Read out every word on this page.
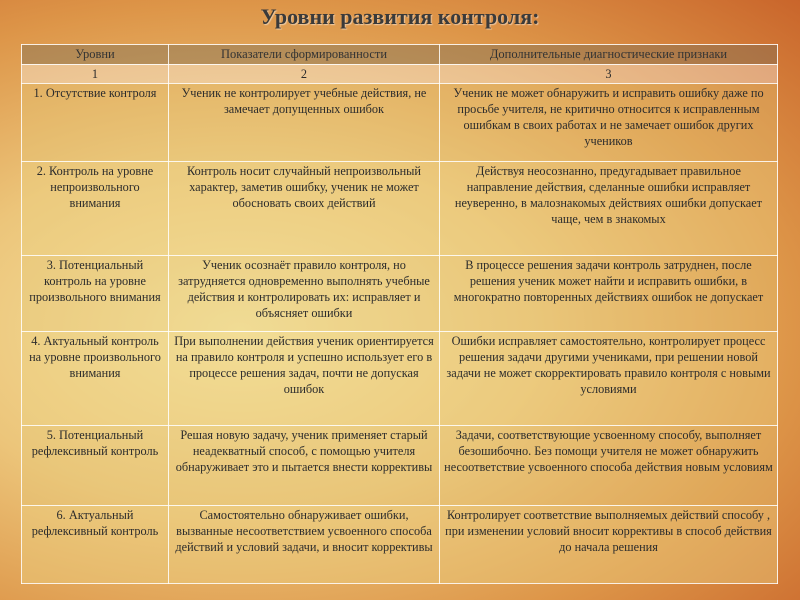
Уровни развития контроля:
Уровни	Показатели сформированности	Дополнительные диагностические признаки
1	2	3
1. Отсутствие контроля	Ученик не контролирует учебные действия, не замечает допущенных ошибок	Ученик не может обнаружить и исправить ошибку даже по просьбе учителя, не критично относится к исправленным ошибкам в своих работах и не замечает ошибок других учеников
2. Контроль на уровне непроизвольного внимания	Контроль носит случайный непроизвольный характер, заметив ошибку, ученик не может обосновать своих действий	Действуя неосознанно, предугадывает правильное направление действия, сделанные ошибки исправляет неуверенно, в малознакомых действиях ошибки допускает чаще, чем в знакомых
3. Потенциальный контроль на уровне произвольного внимания	Ученик осознаёт правило контроля, но затрудняется одновременно выполнять учебные действия и контролировать их: исправляет и объясняет ошибки	В процессе решения задачи контроль затруднен, после решения ученик может найти и исправить ошибки, в многократно повторенных действиях ошибок не допускает
4. Актуальный контроль на уровне произвольного внимания	При выполнении действия ученик ориентируется на правило контроля и успешно использует его в процессе решения задач, почти не допуская ошибок	Ошибки исправляет самостоятельно, контролирует процесс решения задачи другими учениками, при решении новой задачи не может скорректировать правило контроля с новыми условиями
5. Потенциальный рефлексивный контроль	Решая новую задачу, ученик применяет старый неадекватный способ, с помощью учителя обнаруживает это и пытается внести коррективы	Задачи, соответствующие усвоенному способу, выполняет безошибочно. Без помощи учителя не может обнаружить несоответствие усвоенного способа действия новым условиям
6. Актуальный рефлексивный контроль	Самостоятельно обнаруживает ошибки, вызванные несоответствием усвоенного способа действий и условий задачи, и вносит коррективы	Контролирует соответствие выполняемых действий способу , при изменении условий вносит коррективы в способ действия до начала решения
